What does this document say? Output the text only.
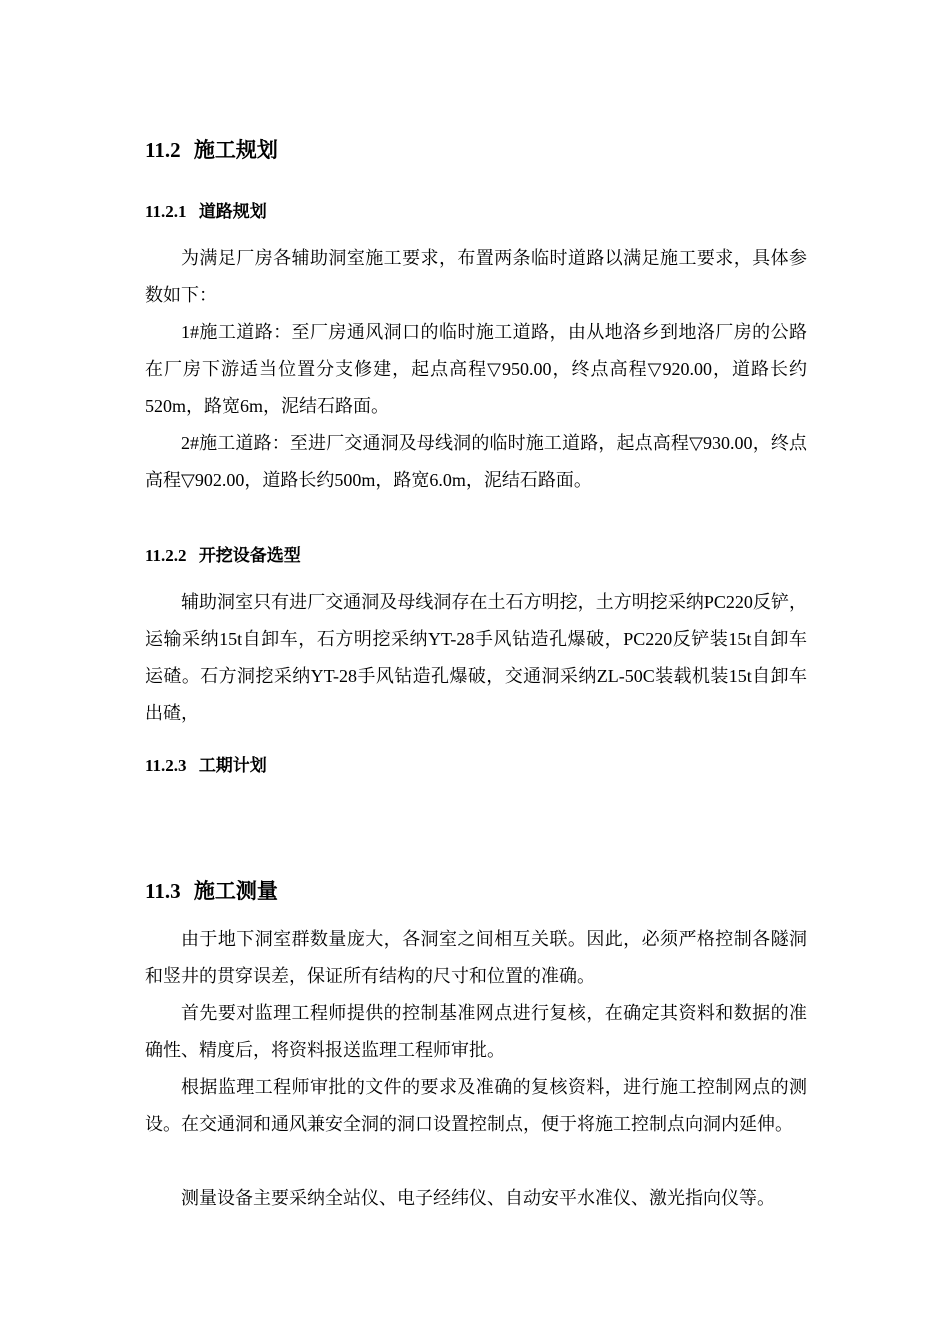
11.2 施工规划
11.2.1 道路规划

为满足厂房各辅助洞室施工要求，布置两条临时道路以满足施工要求，具体参数如下：

1#施工道路：至厂房通风洞口的临时施工道路，由从地洛乡到地洛厂房的公路在厂房下游适当位置分支修建，起点高程▽950.00，终点高程▽920.00，道路长约520m，路宽6m，泥结石路面。

2#施工道路：至进厂交通洞及母线洞的临时施工道路，起点高程▽930.00，终点高程▽902.00，道路长约500m，路宽6.0m，泥结石路面。

11.2.2 开挖设备选型

辅助洞室只有进厂交通洞及母线洞存在土石方明挖，土方明挖采纳PC220反铲，运输采纳15t自卸车，石方明挖采纳YT-28手风钻造孔爆破，PC220反铲装15t自卸车运碴。石方洞挖采纳YT-28手风钻造孔爆破，交通洞采纳ZL-50C装载机装15t自卸车出碴，

11.2.3 工期计划
11.3 施工测量

由于地下洞室群数量庞大，各洞室之间相互关联。因此，必须严格控制各隧洞和竖井的贯穿误差，保证所有结构的尺寸和位置的准确。

首先要对监理工程师提供的控制基准网点进行复核，在确定其资料和数据的准确性、精度后，将资料报送监理工程师审批。

根据监理工程师审批的文件的要求及准确的复核资料，进行施工控制网点的测设。在交通洞和通风兼安全洞的洞口设置控制点，便于将施工控制点向洞内延伸。

测量设备主要采纳全站仪、电子经纬仪、自动安平水准仪、激光指向仪等。
